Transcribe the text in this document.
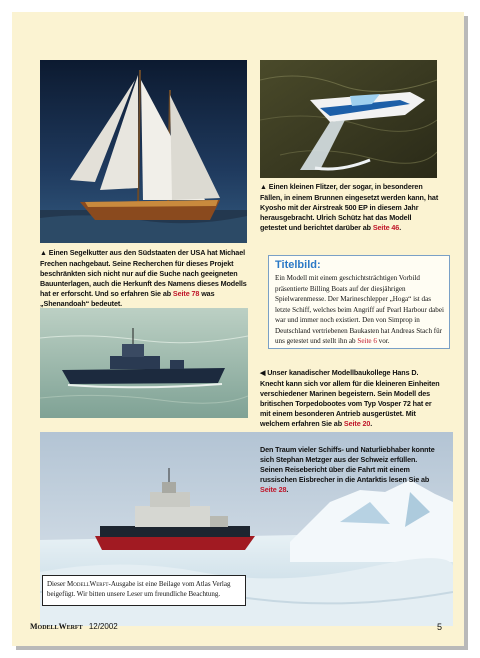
▲ Einen kleinen Flitzer, der sogar, in besonderen Fällen, in einem Brunnen eingesetzt werden kann, hat Kyosho mit der Airstreak 500 EP in diesem Jahr herausgebracht. Ulrich Schütz hat das Modell getestet und berichtet darüber ab Seite 46.
▲ Einen Segelkutter aus den Südstaaten der USA hat Michael Frechen nachgebaut. Seine Recherchen für dieses Projekt beschränkten sich nicht nur auf die Suche nach geeigneten Bauunterlagen, auch die Herkunft des Namens dieses Modells hat er erforscht. Und so erfahren Sie ab Seite 78 was „Shenandoah“ bedeutet.
Titelbild:
Ein Modell mit einem geschichtsträchtigen Vorbild präsentierte Billing Boats auf der diesjährigen Spielwarenmesse. Der Marineschlepper „Hoga“ ist das letzte Schiff, welches beim Angriff auf Pearl Harbour dabei war und immer noch existiert. Den von Simprop in Deutschland vertriebenen Baukasten hat Andreas Stach für uns getestet und stellt ihn ab Seite 6 vor.
◀ Unser kanadischer Modellbaukollege Hans D. Knecht kann sich vor allem für die kleineren Einheiten verschiedener Marinen begeistern. Sein Modell des britischen Torpedobootes vom Typ Vosper 72 hat er mit einem besonderen Antrieb ausgerüstet. Mit welchem erfahren Sie ab Seite 20.
Den Traum vieler Schiffs- und Naturliebhaber konnte sich Stephan Metzger aus der Schweiz erfüllen. Seinen Reisebericht über die Fahrt mit einem russischen Eisbrecher in die Antarktis lesen Sie ab Seite 28.
Dieser ModellWerft-Ausgabe ist eine Beilage vom Atlas Verlag beigefügt. Wir bitten unsere Leser um freundliche Beachtung.
ModellWerft 12/2002	5
